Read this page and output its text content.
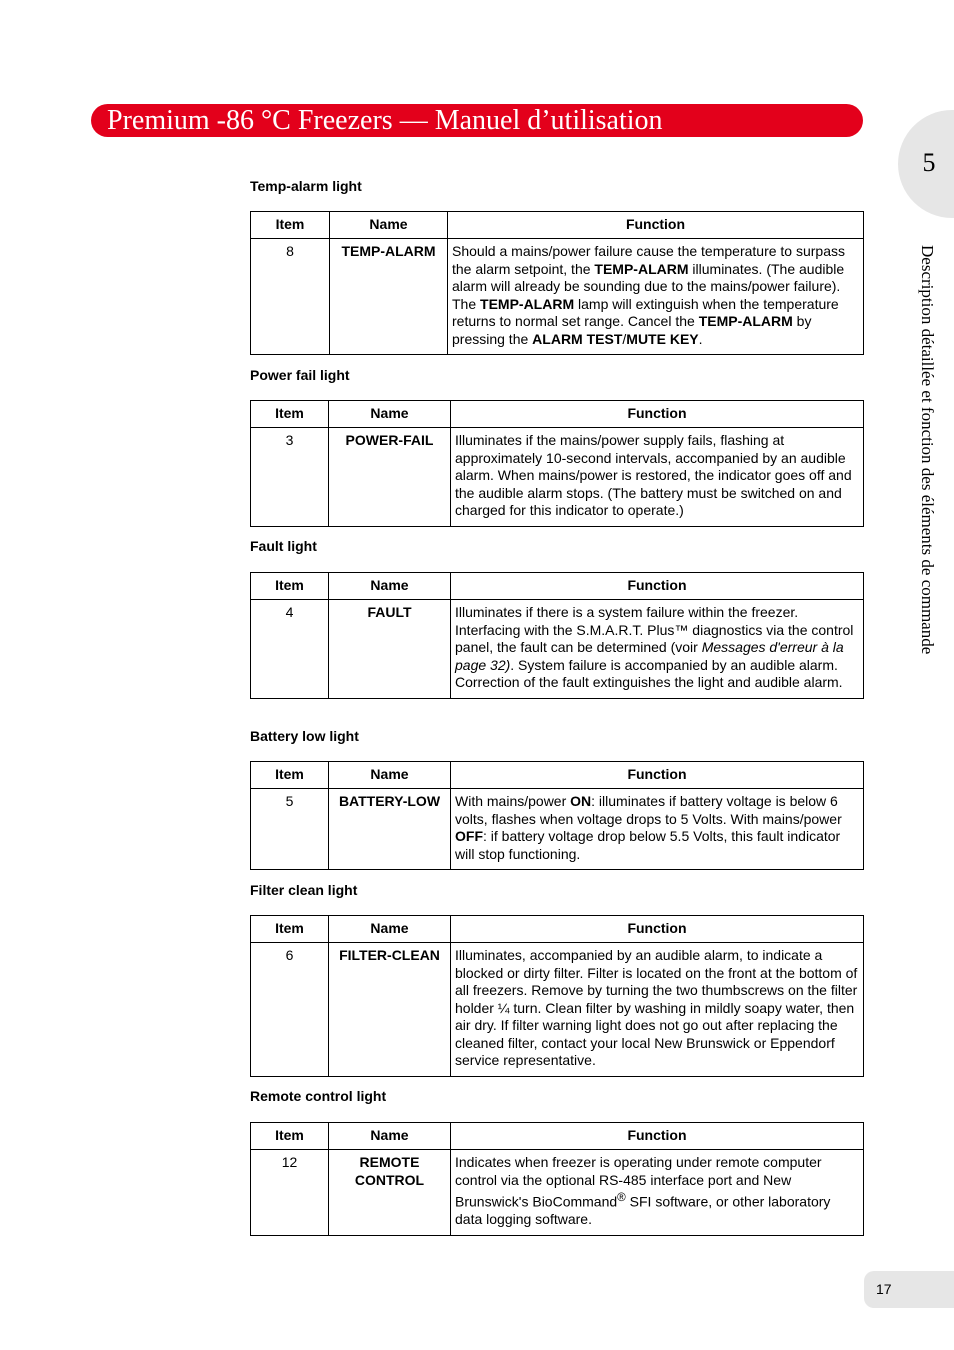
Premium -86 °C Freezers — Manuel d’utilisation
5
Description détaillée et fonction des éléments de commande
Temp-alarm light
Item	Name	Function
8	TEMP-ALARM	Should a mains/power failure cause the temperature to surpass the alarm setpoint, the TEMP-ALARM illuminates. (The audible alarm will already be sounding due to the mains/power failure). The TEMP-ALARM lamp will extinguish when the temperature returns to normal set range. Cancel the TEMP-ALARM by pressing the ALARM TEST/MUTE KEY.
Power fail light
Item	Name	Function
3	POWER-FAIL	Illuminates if the mains/power supply fails, flashing at approximately 10-second intervals, accompanied by an audible alarm. When mains/power is restored, the indicator goes off and the audible alarm stops. (The battery must be switched on and charged for this indicator to operate.)
Fault light
Item	Name	Function
4	FAULT	Illuminates if there is a system failure within the freezer. Interfacing with the S.M.A.R.T. Plus™ diagnostics via the control panel, the fault can be determined (voir Messages d'erreur à la page 32). System failure is accompanied by an audible alarm. Correction of the fault extinguishes the light and audible alarm.
Battery low light
Item	Name	Function
5	BATTERY-LOW	With mains/power ON: illuminates if battery voltage is below 6 volts, flashes when voltage drops to 5 Volts. With mains/power OFF: if battery voltage drop below 5.5 Volts, this fault indicator will stop functioning.
Filter clean light
Item	Name	Function
6	FILTER-CLEAN	Illuminates, accompanied by an audible alarm, to indicate a blocked or dirty filter. Filter is located on the front at the bottom of all freezers. Remove by turning the two thumbscrews on the filter holder ¼ turn. Clean filter by washing in mildly soapy water, then air dry. If filter warning light does not go out after replacing the cleaned filter, contact your local New Brunswick or Eppendorf service representative.
Remote control light
Item	Name	Function
12	REMOTE CONTROL	Indicates when freezer is operating under remote computer control via the optional RS-485 interface port and New Brunswick's BioCommand® SFI software, or other laboratory data logging software.
17
